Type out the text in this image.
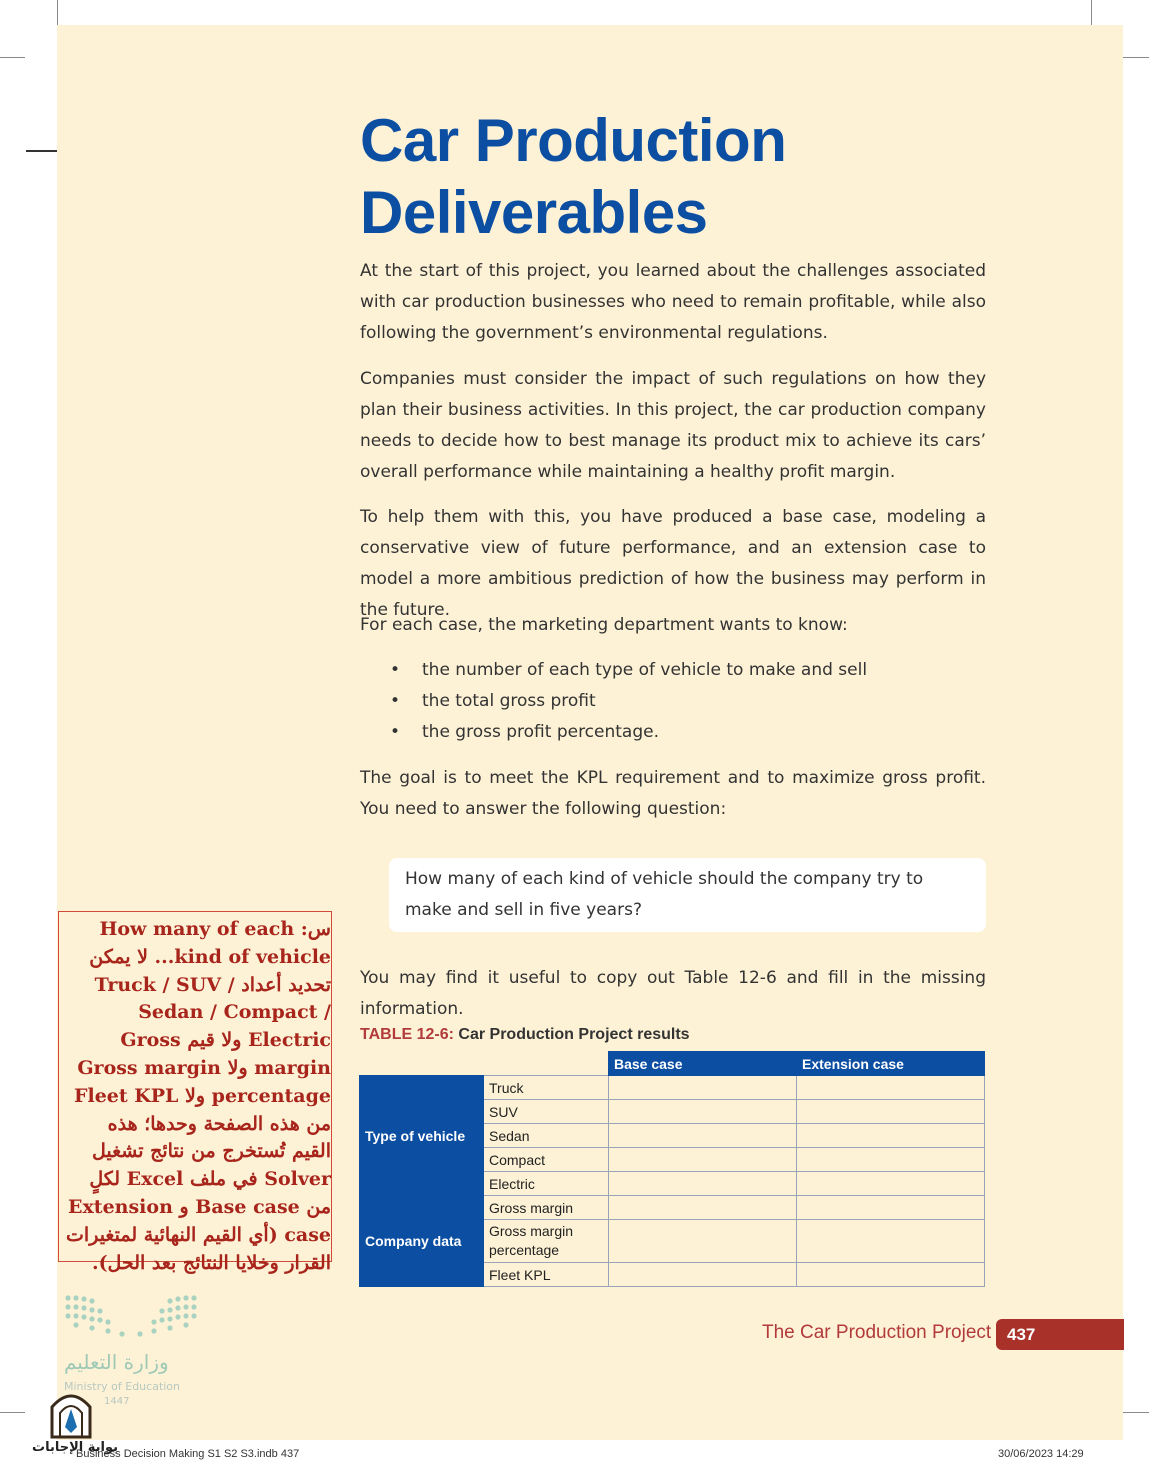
Car Production
Deliverables

At the start of this project, you learned about the challenges associated with car production businesses who need to remain profitable, while also following the government’s environmental regulations.

Companies must consider the impact of such regulations on how they plan their business activities. In this project, the car production company needs to decide how to best manage its product mix to achieve its cars’ overall performance while maintaining a healthy profit margin.

To help them with this, you have produced a base case, modeling a conservative view of future performance, and an extension case to model a more ambitious prediction of how the business may perform in the future.

For each case, the marketing department wants to know:

• the number of each type of vehicle to make and sell
• the total gross profit
• the gross profit percentage.

The goal is to meet the KPL requirement and to maximize gross profit. You need to answer the following question:

How many of each kind of vehicle should the company try to make and sell in five years?

You may find it useful to copy out Table 12-6 and fill in the missing information.

TABLE 12-6: Car Production Project results
		Base case	Extension case
Type of vehicle	Truck		
	SUV		
	Sedan		
	Compact		
	Electric		
Company data	Gross margin		
	Gross margin percentage		
	Fleet KPL		

س: How many of each kind of vehicle... لا يمكن تحديد أعداد Truck / SUV / Sedan / Compact / Electric ولا قيم Gross margin ولا Gross margin percentage ولا Fleet KPL من هذه الصفحة وحدها؛ هذه القيم تُستخرج من نتائج تشغيل Solver في ملف Excel لكلٍ من Base case و Extension case (أي القيم النهائية لمتغيرات القرار وخلايا النتائج بعد الحل).

وزارة التعليم
Ministry of Education
1447
The Car Production Project 437
بوابة الإجابات
Business Decision Making S1 S2 S3.indb 437	30/06/2023 14:29
